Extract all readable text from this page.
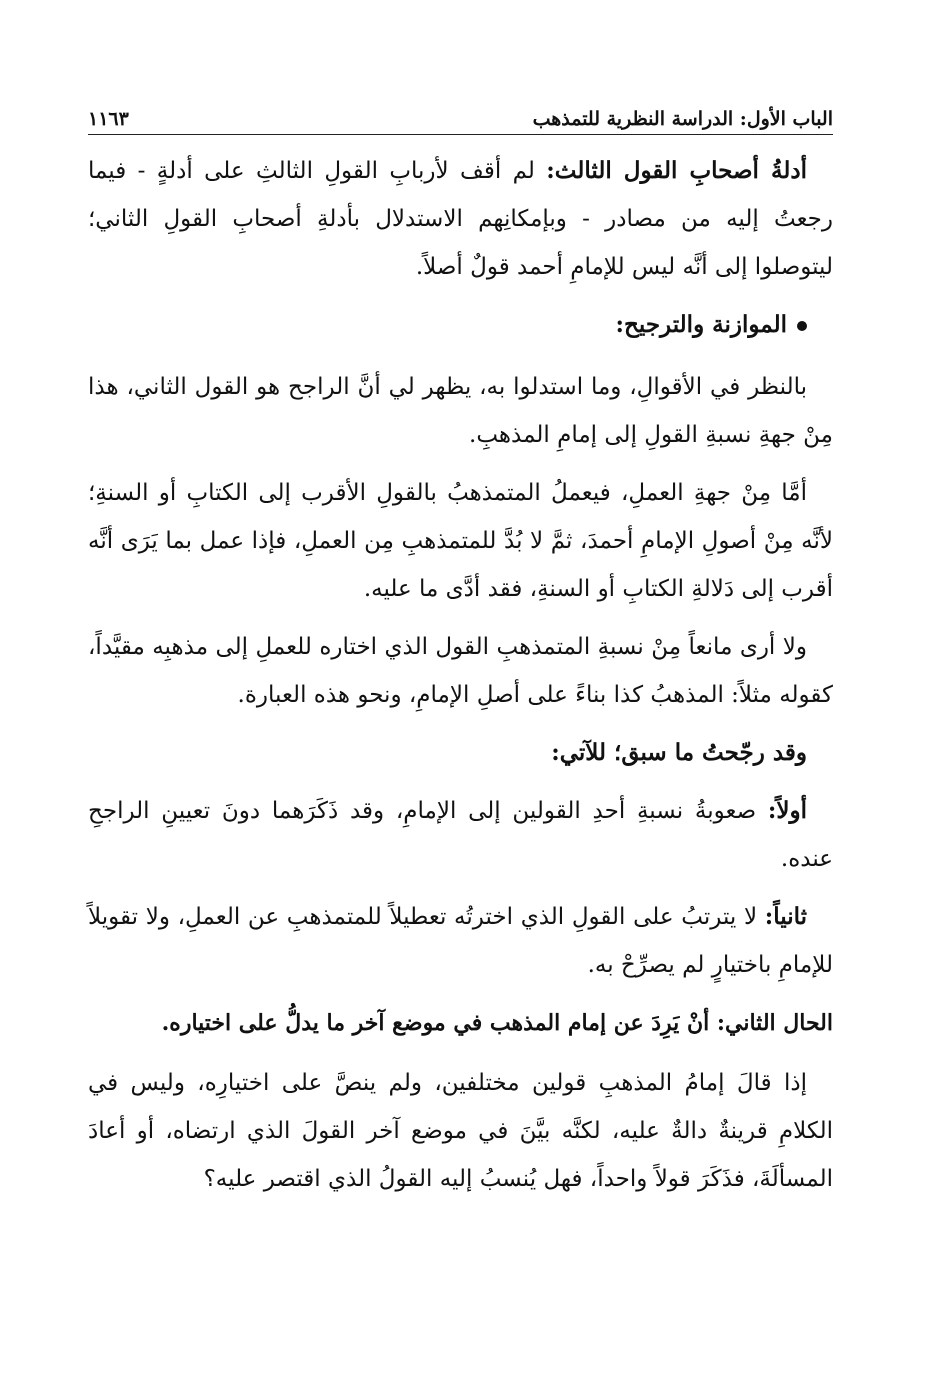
الباب الأول: الدراسة النظرية للتمذهب
١١٦٣

أدلةُ أصحابِ القول الثالث: لم أقف لأربابِ القولِ الثالثِ على أدلةٍ - فيما رجعتُ إليه من مصادر - وبإمكانِهم الاستدلال بأدلةِ أصحابِ القولِ الثاني؛ ليتوصلوا إلى أنَّه ليس للإمامِ أحمد قولٌ أصلاً.

الموازنة والترجيح:

بالنظر في الأقوالِ، وما استدلوا به، يظهر لي أنَّ الراجح هو القول الثاني، هذا مِنْ جهةِ نسبةِ القولِ إلى إمامِ المذهبِ.

أمَّا مِنْ جهةِ العملِ، فيعملُ المتمذهبُ بالقولِ الأقرب إلى الكتابِ أو السنةِ؛ لأنَّه مِنْ أصولِ الإمامِ أحمدَ، ثمَّ لا بُدَّ للمتمذهبِ مِن العملِ، فإذا عمل بما يَرَى أنَّه أقرب إلى دَلالةِ الكتابِ أو السنةِ، فقد أدَّى ما عليه.

ولا أرى مانعاً مِنْ نسبةِ المتمذهبِ القول الذي اختاره للعملِ إلى مذهبِه مقيَّداً، كقوله مثلاً: المذهبُ كذا بناءً على أصلِ الإمامِ، ونحو هذه العبارة.

وقد رجّحتُ ما سبق؛ للآتي:

أولاً: صعوبةُ نسبةِ أحدِ القولين إلى الإمامِ، وقد ذَكَرَهما دونَ تعيينِ الراجحِ عنده.

ثانياً: لا يترتبُ على القولِ الذي اخترتُه تعطيلاً للمتمذهبِ عن العملِ، ولا تقويلاً للإمامِ باختيارٍ لم يصرِّحْ به.

الحال الثاني: أنْ يَرِدَ عن إمام المذهب في موضع آخر ما يدلُّ على اختياره.

إذا قالَ إمامُ المذهبِ قولين مختلفين، ولم ينصَّ على اختيارِه، وليس في الكلامِ قرينةٌ دالةٌ عليه، لكنَّه بيَّنَ في موضع آخر القولَ الذي ارتضاه، أو أعادَ المسألَةَ، فذَكَرَ قولاً واحداً، فهل يُنسبُ إليه القولُ الذي اقتصر عليه؟
